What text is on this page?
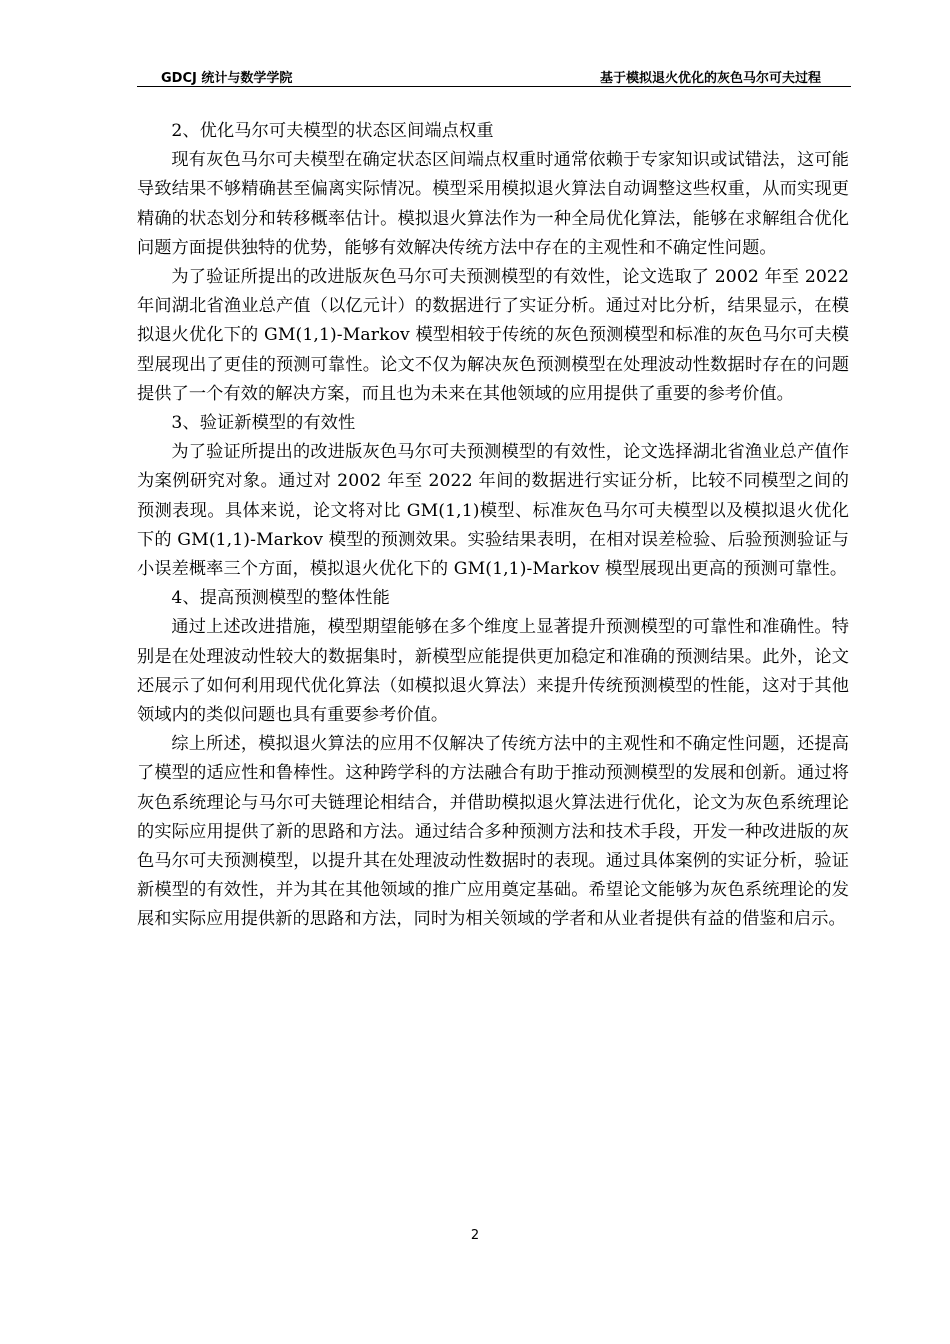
GDCJ 统计与数学学院	基于模拟退火优化的灰色马尔可夫过程

2、优化马尔可夫模型的状态区间端点权重

现有灰色马尔可夫模型在确定状态区间端点权重时通常依赖于专家知识或试错法，这可能导致结果不够精确甚至偏离实际情况。模型采用模拟退火算法自动调整这些权重，从而实现更精确的状态划分和转移概率估计。模拟退火算法作为一种全局优化算法，能够在求解组合优化问题方面提供独特的优势，能够有效解决传统方法中存在的主观性和不确定性问题。

为了验证所提出的改进版灰色马尔可夫预测模型的有效性，论文选取了 2002 年至 2022 年间湖北省渔业总产值（以亿元计）的数据进行了实证分析。通过对比分析，结果显示，在模拟退火优化下的 GM(1,1)-Markov 模型相较于传统的灰色预测模型和标准的灰色马尔可夫模型展现出了更佳的预测可靠性。论文不仅为解决灰色预测模型在处理波动性数据时存在的问题提供了一个有效的解决方案，而且也为未来在其他领域的应用提供了重要的参考价值。

3、验证新模型的有效性

为了验证所提出的改进版灰色马尔可夫预测模型的有效性，论文选择湖北省渔业总产值作为案例研究对象。通过对 2002 年至 2022 年间的数据进行实证分析，比较不同模型之间的预测表现。具体来说，论文将对比 GM(1,1)模型、标准灰色马尔可夫模型以及模拟退火优化下的 GM(1,1)-Markov 模型的预测效果。实验结果表明，在相对误差检验、后验预测验证与小误差概率三个方面，模拟退火优化下的 GM(1,1)-Markov 模型展现出更高的预测可靠性。

4、提高预测模型的整体性能

通过上述改进措施，模型期望能够在多个维度上显著提升预测模型的可靠性和准确性。特别是在处理波动性较大的数据集时，新模型应能提供更加稳定和准确的预测结果。此外，论文还展示了如何利用现代优化算法（如模拟退火算法）来提升传统预测模型的性能，这对于其他领域内的类似问题也具有重要参考价值。

综上所述，模拟退火算法的应用不仅解决了传统方法中的主观性和不确定性问题，还提高了模型的适应性和鲁棒性。这种跨学科的方法融合有助于推动预测模型的发展和创新。通过将灰色系统理论与马尔可夫链理论相结合，并借助模拟退火算法进行优化，论文为灰色系统理论的实际应用提供了新的思路和方法。通过结合多种预测方法和技术手段，开发一种改进版的灰色马尔可夫预测模型，以提升其在处理波动性数据时的表现。通过具体案例的实证分析，验证新模型的有效性，并为其在其他领域的推广应用奠定基础。希望论文能够为灰色系统理论的发展和实际应用提供新的思路和方法，同时为相关领域的学者和从业者提供有益的借鉴和启示。

2
